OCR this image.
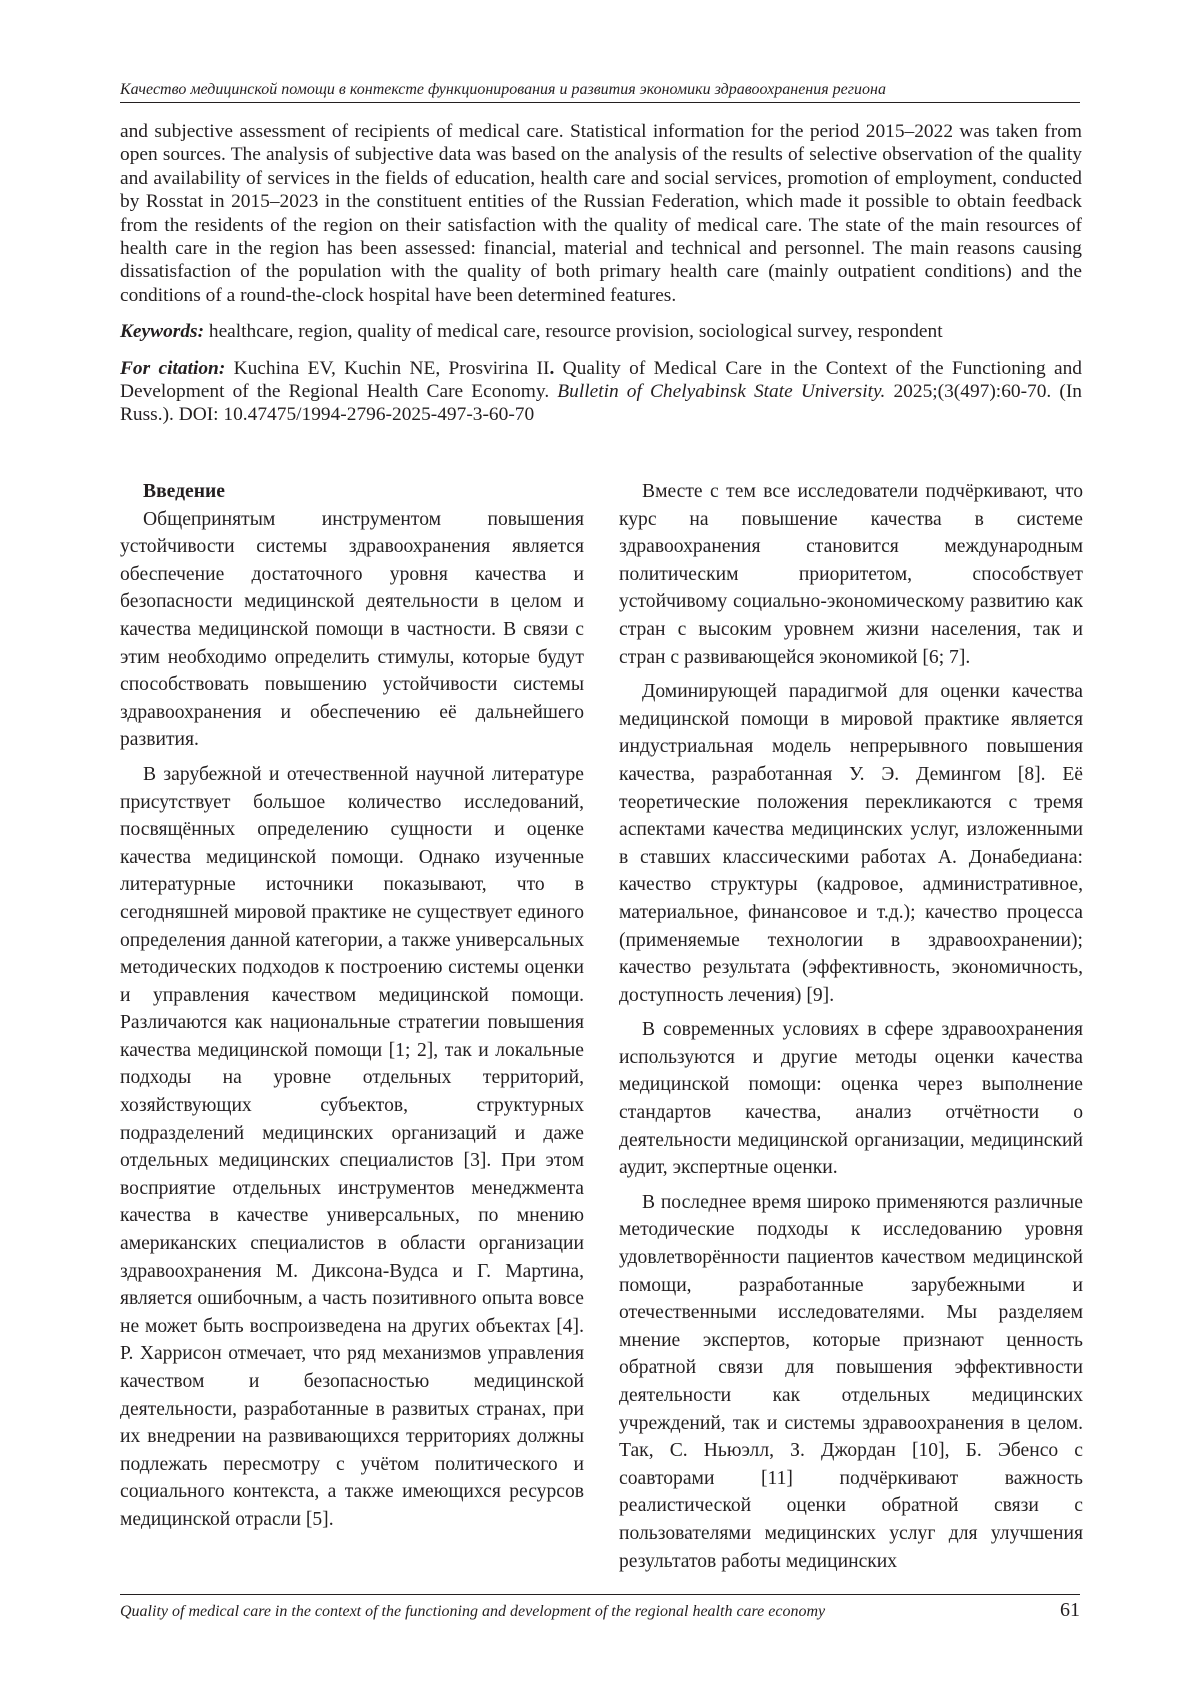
Качество медицинской помощи в контексте функционирования и развития экономики здравоохранения региона

and subjective assessment of recipients of medical care. Statistical information for the period 2015–2022 was taken from open sources. The analysis of subjective data was based on the analysis of the results of selective observation of the quality and availability of services in the fields of education, health care and social services, promotion of employment, conducted by Rosstat in 2015–2023 in the constituent entities of the Russian Federation, which made it possible to obtain feedback from the residents of the region on their satisfaction with the quality of medical care. The state of the main resources of health care in the region has been assessed: financial, material and technical and personnel. The main reasons causing dissatisfaction of the population with the quality of both primary health care (mainly outpatient conditions) and the conditions of a round-the-clock hospital have been determined features.

Keywords: healthcare, region, quality of medical care, resource provision, sociological survey, respondent

For citation: Kuchina EV, Kuchin NE, Prosvirina II. Quality of Medical Care in the Context of the Functioning and Development of the Regional Health Care Economy. Bulletin of Chelyabinsk State University. 2025;(3(497):60-70. (In Russ.). DOI: 10.47475/1994-2796-2025-497-3-60-70

Введение

Общепринятым инструментом повышения устойчивости системы здравоохранения является обеспечение достаточного уровня качества и безопасности медицинской деятельности в целом и качества медицинской помощи в частности. В связи с этим необходимо определить стимулы, которые будут способствовать повышению устойчивости системы здравоохранения и обеспечению её дальнейшего развития.

В зарубежной и отечественной научной литературе присутствует большое количество исследований, посвящённых определению сущности и оценке качества медицинской помощи. Однако изученные литературные источники показывают, что в сегодняшней мировой практике не существует единого определения данной категории, а также универсальных методических подходов к построению системы оценки и управления качеством медицинской помощи. Различаются как национальные стратегии повышения качества медицинской помощи [1; 2], так и локальные подходы на уровне отдельных территорий, хозяйствующих субъектов, структурных подразделений медицинских организаций и даже отдельных медицинских специалистов [3]. При этом восприятие отдельных инструментов менеджмента качества в качестве универсальных, по мнению американских специалистов в области организации здравоохранения М. Диксона-Вудса и Г. Мартина, является ошибочным, а часть позитивного опыта вовсе не может быть воспроизведена на других объектах [4]. Р. Харрисон отмечает, что ряд механизмов управления качеством и безопасностью медицинской деятельности, разработанные в развитых странах, при их внедрении на развивающихся территориях должны подлежать пересмотру с учётом политического и социального контекста, а также имеющихся ресурсов медицинской отрасли [5].

Вместе с тем все исследователи подчёркивают, что курс на повышение качества в системе здравоохранения становится международным политическим приоритетом, способствует устойчивому социально-экономическому развитию как стран с высоким уровнем жизни населения, так и стран с развивающейся экономикой [6; 7].

Доминирующей парадигмой для оценки качества медицинской помощи в мировой практике является индустриальная модель непрерывного повышения качества, разработанная У. Э. Демингом [8]. Её теоретические положения перекликаются с тремя аспектами качества медицинских услуг, изложенными в ставших классическими работах А. Донабедиана: качество структуры (кадровое, административное, материальное, финансовое и т.д.); качество процесса (применяемые технологии в здравоохранении); качество результата (эффективность, экономичность, доступность лечения) [9].

В современных условиях в сфере здравоохранения используются и другие методы оценки качества медицинской помощи: оценка через выполнение стандартов качества, анализ отчётности о деятельности медицинской организации, медицинский аудит, экспертные оценки.

В последнее время широко применяются различные методические подходы к исследованию уровня удовлетворённости пациентов качеством медицинской помощи, разработанные зарубежными и отечественными исследователями. Мы разделяем мнение экспертов, которые признают ценность обратной связи для повышения эффективности деятельности как отдельных медицинских учреждений, так и системы здравоохранения в целом. Так, С. Ньюэлл, З. Джордан [10], Б. Эбенсо с соавторами [11] подчёркивают важность реалистической оценки обратной связи с пользователями медицинских услуг для улучшения результатов работы медицинских

Quality of medical care in the context of the functioning and development of the regional health care economy	61
